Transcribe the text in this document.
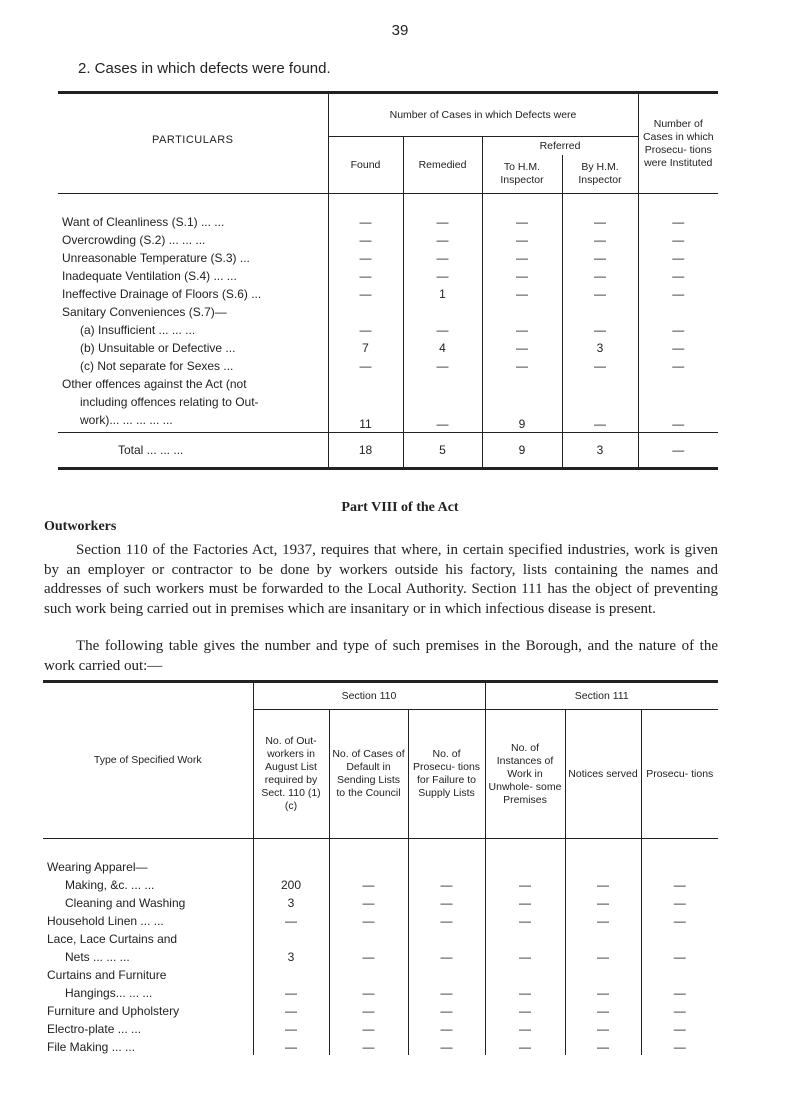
39
2. Cases in which defects were found.
PARTICULARS	Number of Cases in which Defects were				Number of Cases in which Prosecu- tions were Instituted
	Found	Remedied	Referred		
			To H.M. Inspector	By H.M. Inspector	

Want of Cleanliness (S.1) ... ...	—	—	—	—	—
Overcrowding (S.2) ... ... ...	—	—	—	—	—
Unreasonable Temperature (S.3) ...	—	—	—	—	—
Inadequate Ventilation (S.4) ... ...	—	—	—	—	—
Ineffective Drainage of Floors (S.6) ...	—	1	—	—	—
Sanitary Conveniences (S.7)—					
(a) Insufficient ... ... ...	—	—	—	—	—
(b) Unsuitable or Defective ...	7	4	—	3	—
(c) Not separate for Sexes ...	—	—	—	—	—
Other offences against the Act (not					
including offences relating to Out-					
work)... ... ... ... ...	11	—	9	—	—
Total ... ... ...	18	5	9	3	—
Part VIII of the Act
Outworkers

Section 110 of the Factories Act, 1937, requires that where, in certain specified industries, work is given by an employer or contractor to be done by workers outside his factory, lists containing the names and addresses of such workers must be forwarded to the Local Authority. Section 111 has the object of preventing such work being carried out in premises which are insanitary or in which infectious disease is present.

The following table gives the number and type of such premises in the Borough, and the nature of the work carried out:—

Type of Specified Work	Section 110			Section 111		
	No. of Out- workers in August List required by Sect. 110 (1) (c)	No. of Cases of Default in Sending Lists to the Council	No. of Prosecu- tions for Failure to Supply Lists	No. of Instances of Work in Unwhole- some Premises	Notices served	Prosecu- tions

Wearing Apparel—						
Making, &c. ... ...	200	—	—	—	—	—
Cleaning and Washing	3	—	—	—	—	—
Household Linen ... ...	—	—	—	—	—	—
Lace, Lace Curtains and						
Nets ... ... ...	3	—	—	—	—	—
Curtains and Furniture						
Hangings... ... ...	—	—	—	—	—	—
Furniture and Upholstery	—	—	—	—	—	—
Electro-plate ... ...	—	—	—	—	—	—
File Making ... ...	—	—	—	—	—	—
